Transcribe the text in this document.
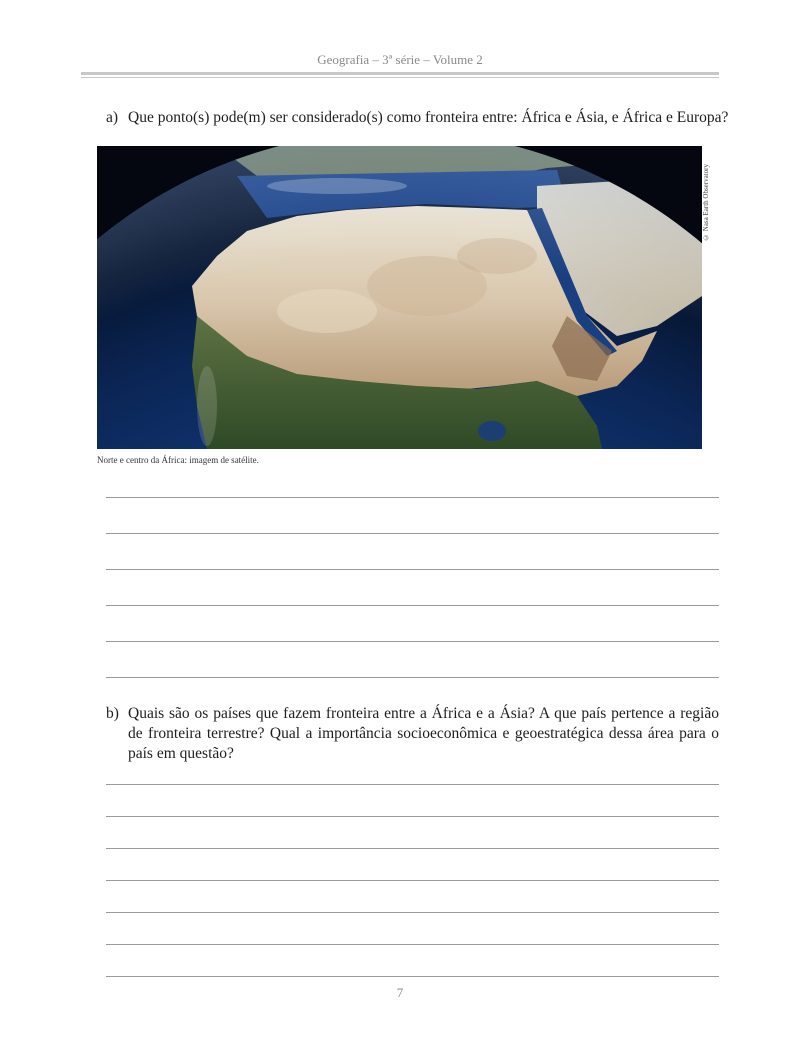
Geografia – 3ª série – Volume 2
a) Que ponto(s) pode(m) ser considerado(s) como fronteira entre: África e Ásia, e África e Europa?
© Nasa Earth Observatory
Norte e centro da África: imagem de satélite.
b) Quais são os países que fazem fronteira entre a África e a Ásia? A que país pertence a região de fronteira terrestre? Qual a importância socioeconômica e geoestratégica dessa área para o país em questão?
7
